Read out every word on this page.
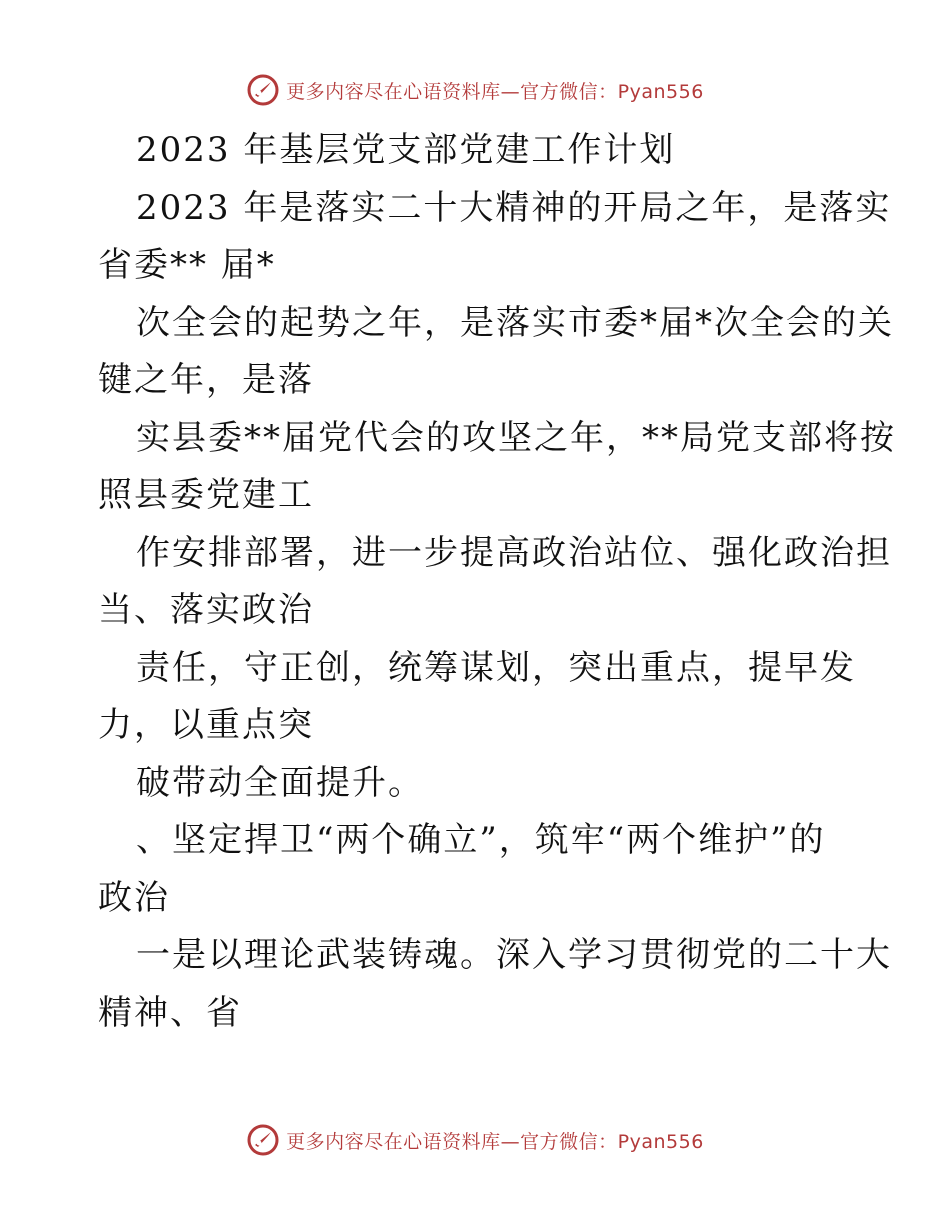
更多内容尽在心语资料库—官方微信：Pyan556
2023 年基层党支部党建工作计划
2023 年是落实二十大精神的开局之年，是落实
省委** 届*
次全会的起势之年，是落实市委*届*次全会的关
键之年，是落
实县委**届党代会的攻坚之年，**局党支部将按
照县委党建工
作安排部署，进一步提高政治站位、强化政治担
当、落实政治
责任，守正创，统筹谋划，突出重点，提早发
力，以重点突
破带动全面提升。
、坚定捍卫“两个确立”，筑牢“两个维护”的
政治
一是以理论武装铸魂。深入学习贯彻党的二十大
精神、省
更多内容尽在心语资料库—官方微信：Pyan556
